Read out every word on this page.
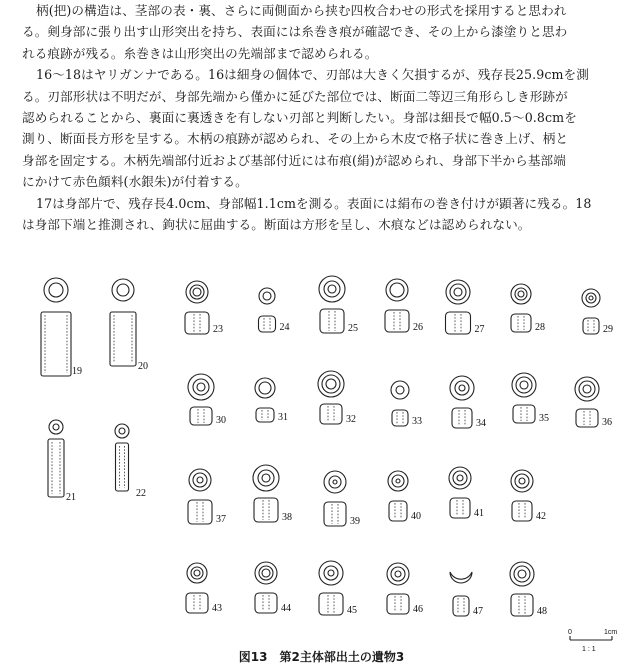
柄(把)の構造は、茎部の表・裏、さらに両側面から挟む四枚合わせの形式を採用すると思われ
る。剣身部に張り出す山形突出を持ち、表面には糸巻き痕が確認でき、その上から漆塗りと思わ
れる痕跡が残る。糸巻きは山形突出の先端部まで認められる。
16～18はヤリガンナである。16は細身の個体で、刃部は大きく欠損するが、残存長25.9cmを測
る。刃部形状は不明だが、身部先端から僅かに延びた部位では、断面二等辺三角形らしき形跡が
認められることから、裏面に裏透きを有しない刃部と判断したい。身部は細長で幅0.5～0.8cmを
測り、断面長方形を呈する。木柄の痕跡が認められ、その上から木皮で格子状に巻き上げ、柄と
身部を固定する。木柄先端部付近および基部付近には布痕(絹)が認められ、身部下半から基部端
にかけて赤色顔料(水銀朱)が付着する。
17は身部片で、残存長4.0cm、身部幅1.1cmを測る。表面には絹布の巻き付けが顕著に残る。18
は身部下端と推測され、鉤状に屈曲する。断面は方形を呈し、木痕などは認められない。
19	20
21	22
23	24	25	26	27	28	29
30	31	32	33	34	35	36
37	38	39	40	41	42
43	44	45	46	47	48
0	1cm
1 : 1
図13　第2主体部出土の遺物3
